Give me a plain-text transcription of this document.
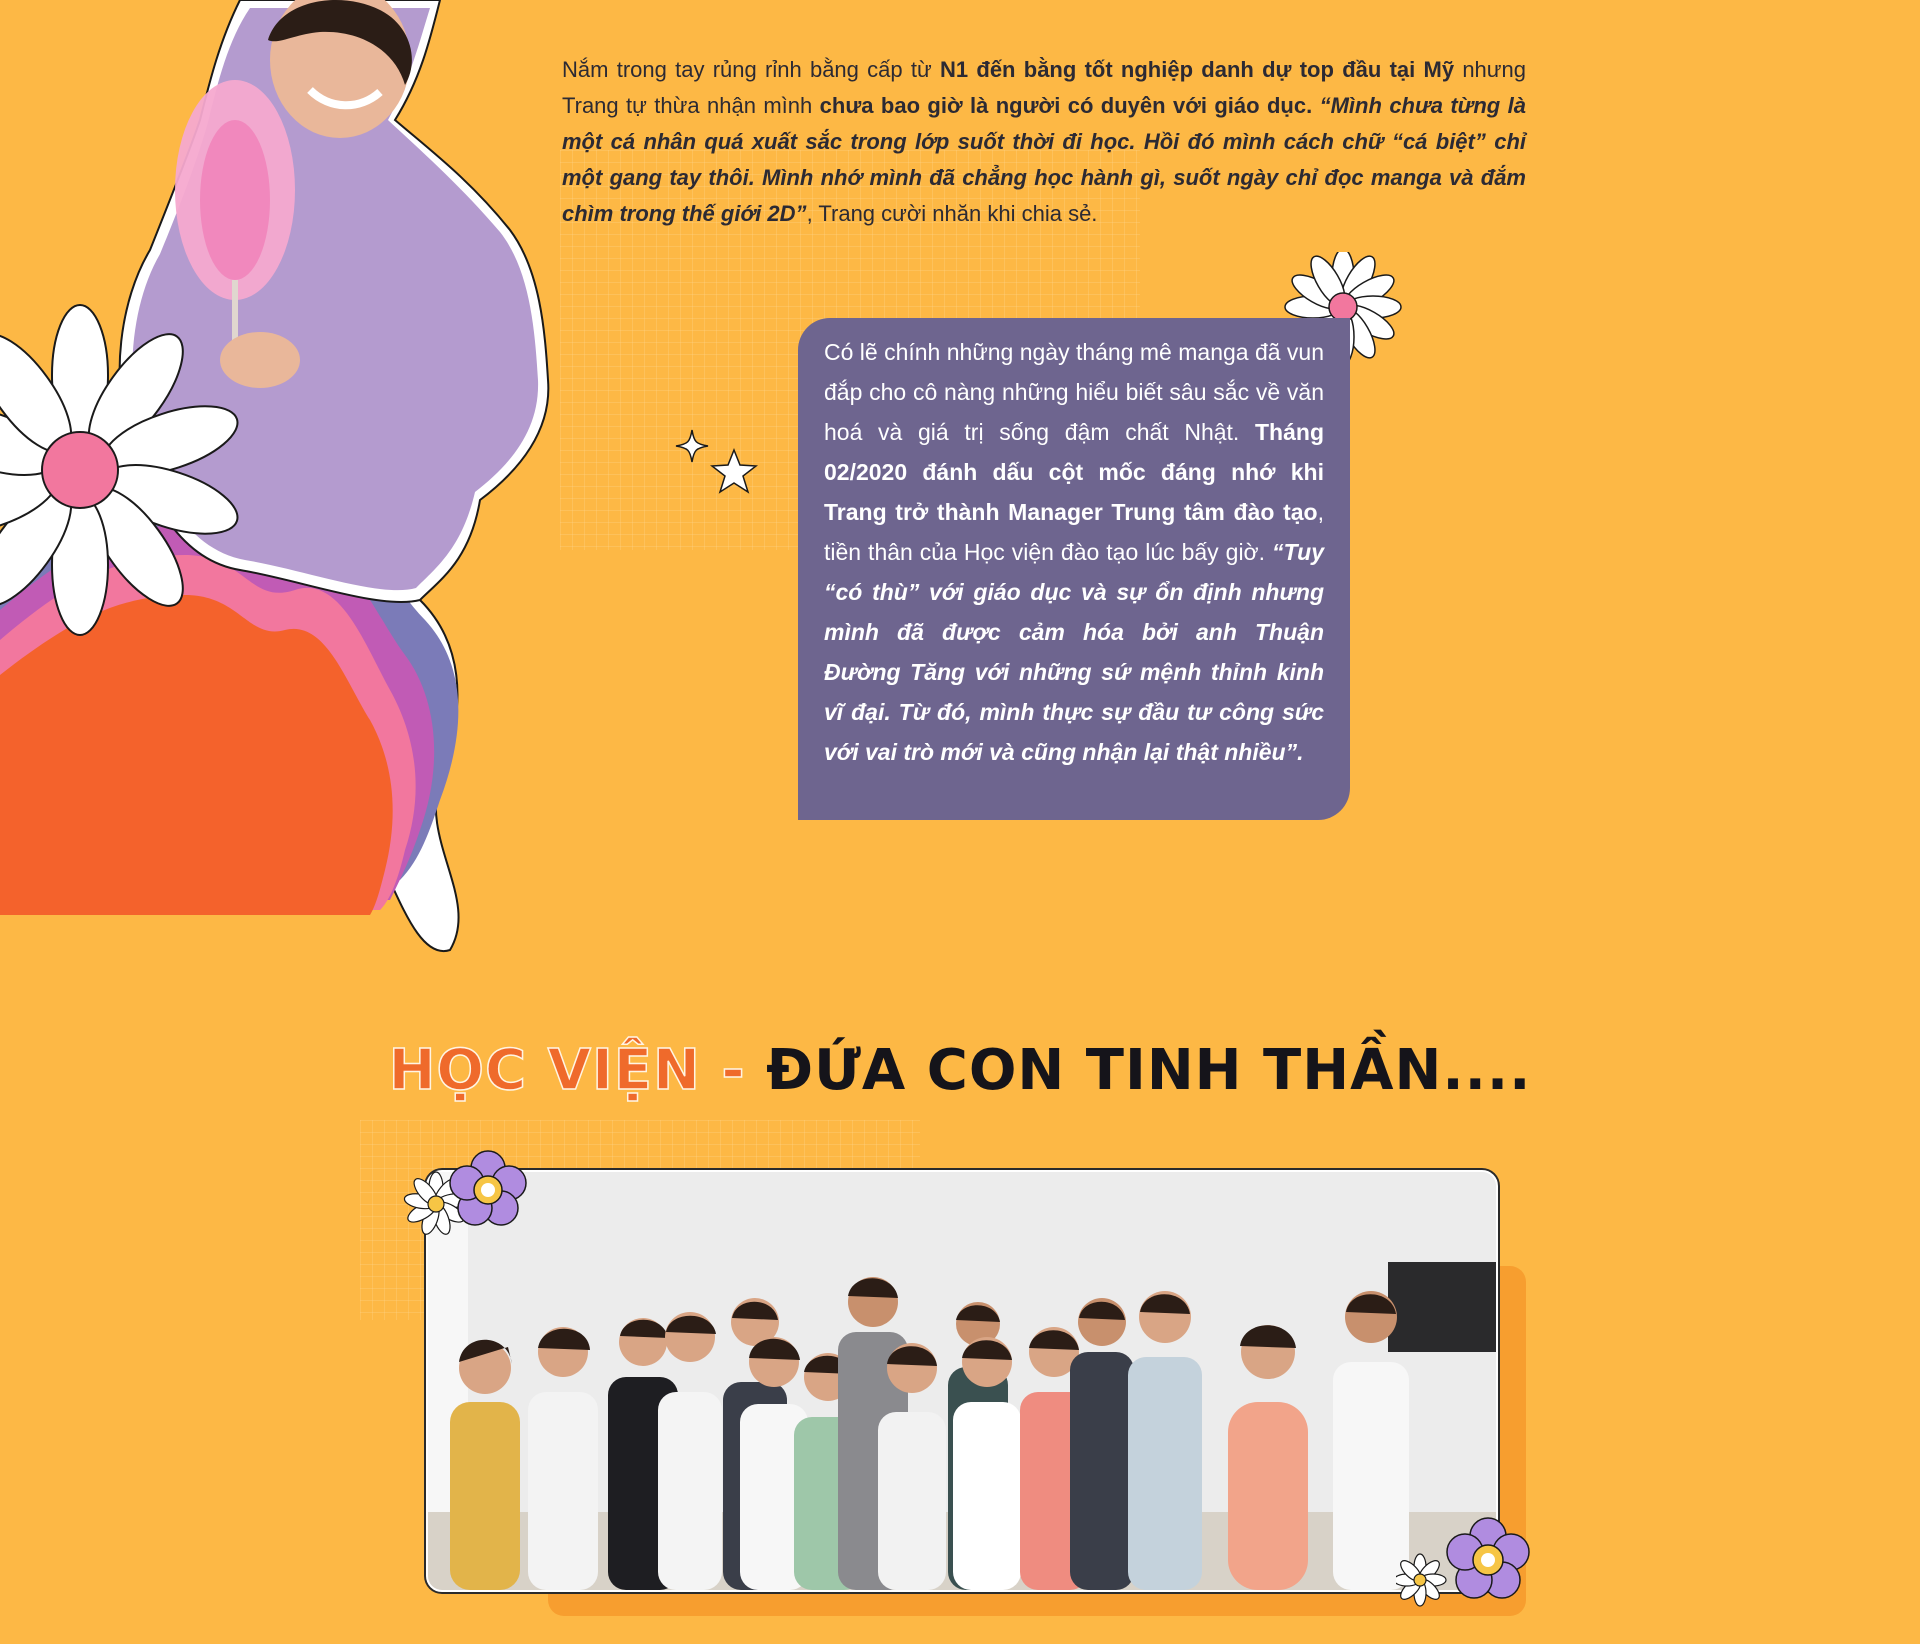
Nắm trong tay rủng rỉnh bằng cấp từ N1 đến bằng tốt nghiệp danh dự top đầu tại Mỹ nhưng Trang tự thừa nhận mình chưa bao giờ là người có duyên với giáo dục. “Mình chưa từng là một cá nhân quá xuất sắc trong lớp suốt thời đi học. Hồi đó mình cách chữ “cá biệt” chỉ một gang tay thôi. Mình nhớ mình đã chẳng học hành gì, suốt ngày chỉ đọc manga và đắm chìm trong thế giới 2D”, Trang cười nhăn khi chia sẻ.

Có lẽ chính những ngày tháng mê manga đã vun đắp cho cô nàng những hiểu biết sâu sắc về văn hoá và giá trị sống đậm chất Nhật. Tháng 02/2020 đánh dấu cột mốc đáng nhớ khi Trang trở thành Manager Trung tâm đào tạo, tiền thân của Học viện đào tạo lúc bấy giờ. “Tuy “có thù” với giáo dục và sự ổn định nhưng mình đã được cảm hóa bởi anh Thuận Đường Tăng với những sứ mệnh thỉnh kinh vĩ đại. Từ đó, mình thực sự đầu tư công sức với vai trò mới và cũng nhận lại thật nhiều”.

HỌC VIỆN - ĐỨA CON TINH THẦN....
